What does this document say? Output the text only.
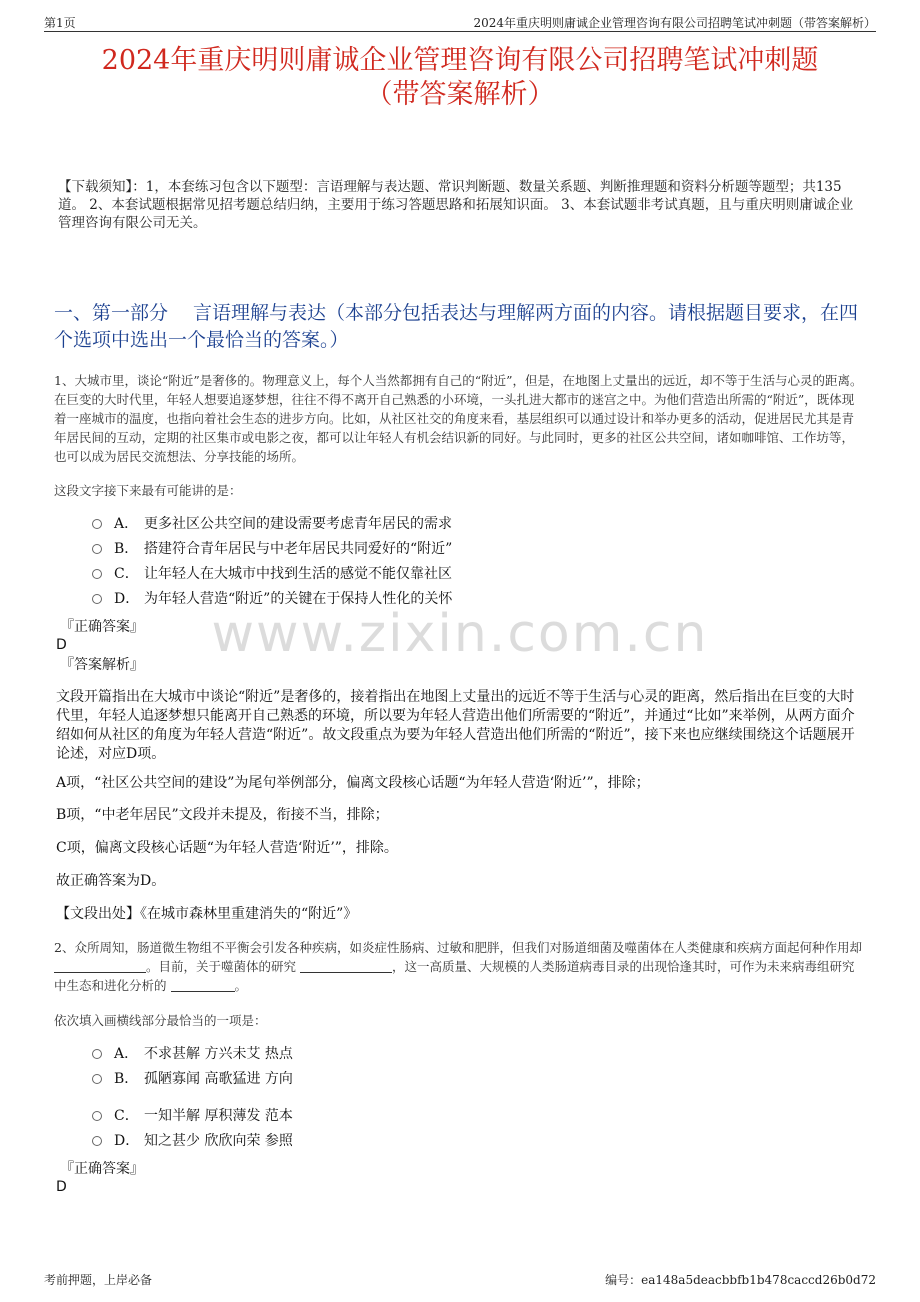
第1页	2024年重庆明则庸诚企业管理咨询有限公司招聘笔试冲刺题（带答案解析）
2024年重庆明则庸诚企业管理咨询有限公司招聘笔试冲刺题
（带答案解析）
【下载须知】：1，本套练习包含以下题型：言语理解与表达题、常识判断题、数量关系题、判断推理题和资料分析题等题型；共135道。 2、本套试题根据常见招考题总结归纳，主要用于练习答题思路和拓展知识面。 3、本套试题非考试真题，且与重庆明则庸诚企业管理咨询有限公司无关。
一、第一部分　 言语理解与表达（本部分包括表达与理解两方面的内容。请根据题目要求，在四个选项中选出一个最恰当的答案。）
www.zixin.com.cn
1、大城市里，谈论“附近”是奢侈的。物理意义上，每个人当然都拥有自己的“附近”，但是，在地图上丈量出的远近，却不等于生活与心灵的距离。在巨变的大时代里，年轻人想要追逐梦想，往往不得不离开自己熟悉的小环境，一头扎进大都市的迷宫之中。为他们营造出所需的“附近”，既体现着一座城市的温度，也指向着社会生态的进步方向。比如，从社区社交的角度来看，基层组织可以通过设计和举办更多的活动，促进居民尤其是青年居民间的互动，定期的社区集市或电影之夜，都可以让年轻人有机会结识新的同好。与此同时，更多的社区公共空间，诸如咖啡馆、工作坊等，也可以成为居民交流想法、分享技能的场所。
这段文字接下来最有可能讲的是：
A． 更多社区公共空间的建设需要考虑青年居民的需求
B． 搭建符合青年居民与中老年居民共同爱好的“附近”
C． 让年轻人在大城市中找到生活的感觉不能仅靠社区
D． 为年轻人营造“附近”的关键在于保持人性化的关怀
『正确答案』
D
『答案解析』
文段开篇指出在大城市中谈论“附近”是奢侈的，接着指出在地图上丈量出的远近不等于生活与心灵的距离，然后指出在巨变的大时代里，年轻人追逐梦想只能离开自己熟悉的环境，所以要为年轻人营造出他们所需要的“附近”，并通过“比如”来举例，从两方面介绍如何从社区的角度为年轻人营造“附近”。故文段重点为要为年轻人营造出他们所需的“附近”，接下来也应继续围绕这个话题展开论述，对应D项。
A项，“社区公共空间的建设”为尾句举例部分，偏离文段核心话题“为年轻人营造‘附近’”，排除；
B项，“中老年居民”文段并未提及，衔接不当，排除；
C项，偏离文段核心话题“为年轻人营造‘附近’”，排除。
故正确答案为D。
【文段出处】《在城市森林里重建消失的“附近”》
2、众所周知，肠道微生物组不平衡会引发各种疾病，如炎症性肠病、过敏和肥胖，但我们对肠道细菌及噬菌体在人类健康和疾病方面起何种作用却 。目前，关于噬菌体的研究	，这一高质量、大规模的人类肠道病毒目录的出现恰逢其时，可作为未来病毒组研究中生态和进化分析的	。
依次填入画横线部分最恰当的一项是：
A． 不求甚解 方兴未艾 热点
B． 孤陋寡闻 高歌猛进 方向
C． 一知半解 厚积薄发 范本
D． 知之甚少 欣欣向荣 参照
『正确答案』
D
考前押题，上岸必备	编号：ea148a5deacbbfb1b478caccd26b0d72
